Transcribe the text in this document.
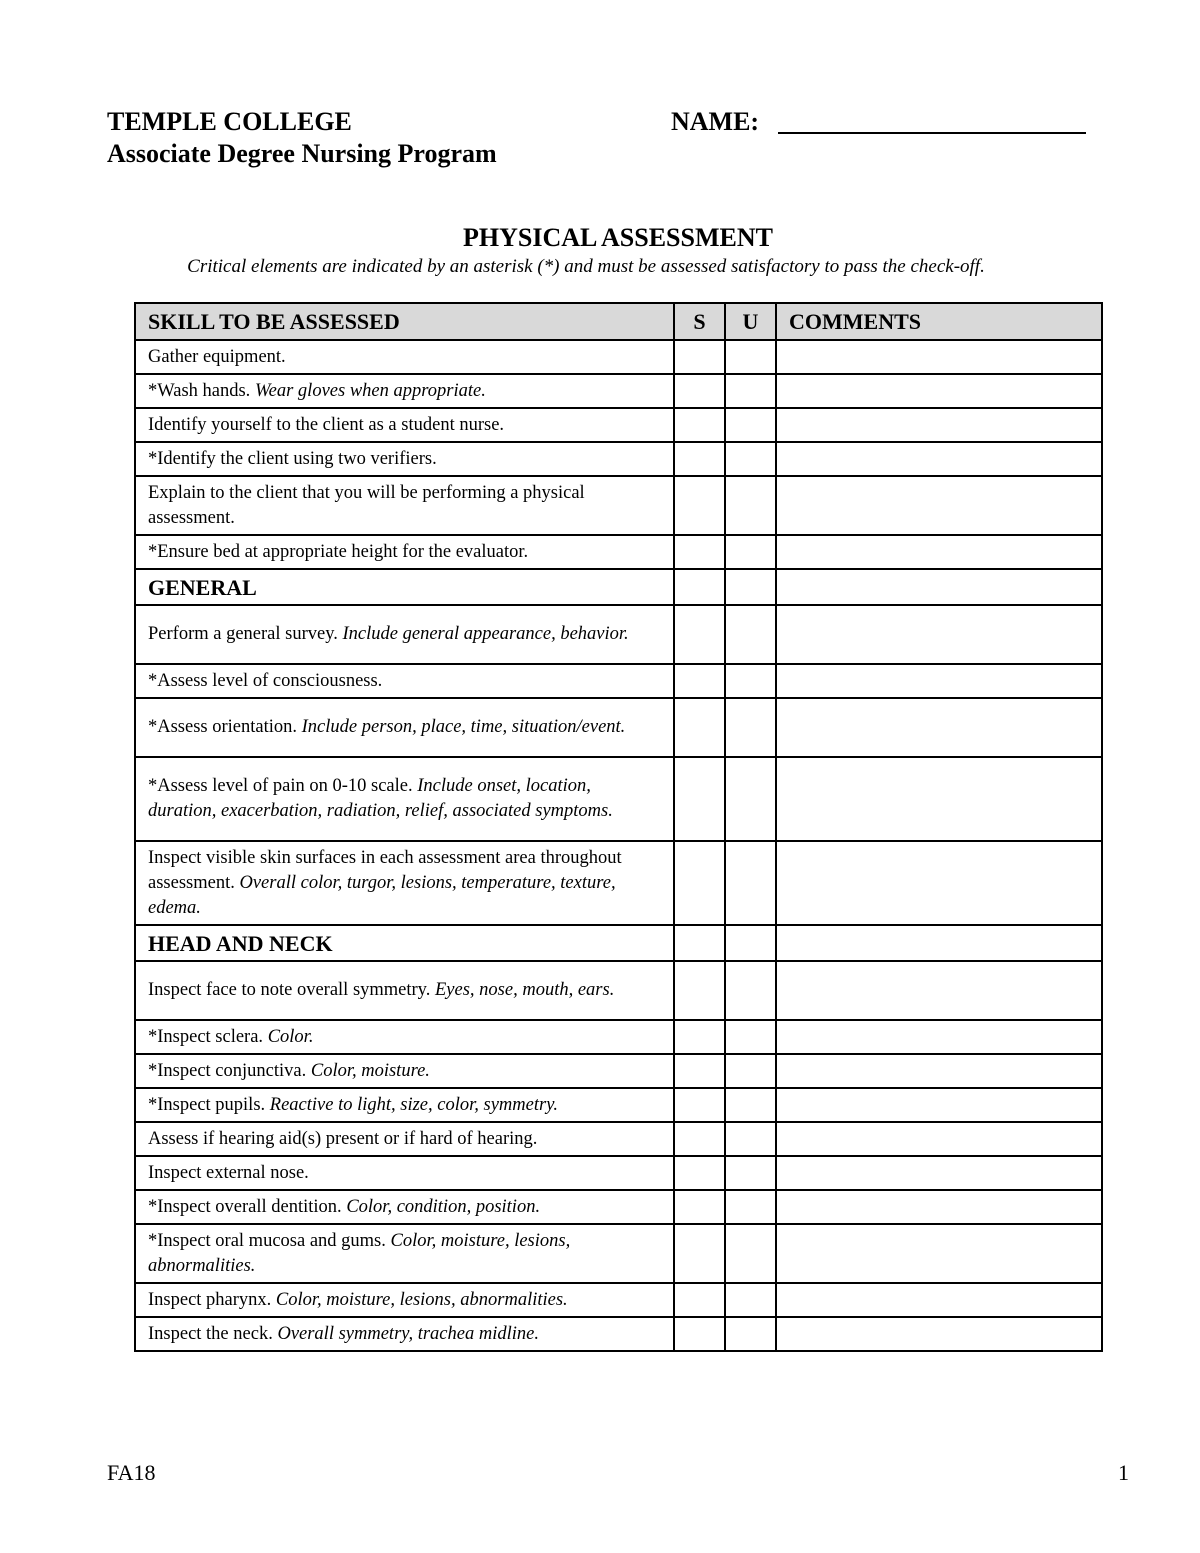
TEMPLE COLLEGE
Associate Degree Nursing Program
NAME:
PHYSICAL ASSESSMENT
Critical elements are indicated by an asterisk (*) and must be assessed satisfactory to pass the check-off.
SKILL TO BE ASSESSED	S	U	COMMENTS
Gather equipment.			
*Wash hands. Wear gloves when appropriate.			
Identify yourself to the client as a student nurse.			
*Identify the client using two verifiers.			
Explain to the client that you will be performing a physical assessment.			
*Ensure bed at appropriate height for the evaluator.			
GENERAL			
Perform a general survey. Include general appearance, behavior.			
*Assess level of consciousness.			
*Assess orientation. Include person, place, time, situation/event.			
*Assess level of pain on 0-10 scale. Include onset, location, duration, exacerbation, radiation, relief, associated symptoms.			
Inspect visible skin surfaces in each assessment area throughout assessment. Overall color, turgor, lesions, temperature, texture, edema.			
HEAD AND NECK			
Inspect face to note overall symmetry. Eyes, nose, mouth, ears.			
*Inspect sclera. Color.			
*Inspect conjunctiva. Color, moisture.			
*Inspect pupils. Reactive to light, size, color, symmetry.			
Assess if hearing aid(s) present or if hard of hearing.			
Inspect external nose.			
*Inspect overall dentition. Color, condition, position.			
*Inspect oral mucosa and gums. Color, moisture, lesions, abnormalities.			
Inspect pharynx. Color, moisture, lesions, abnormalities.			
Inspect the neck. Overall symmetry, trachea midline.			
FA18	1
